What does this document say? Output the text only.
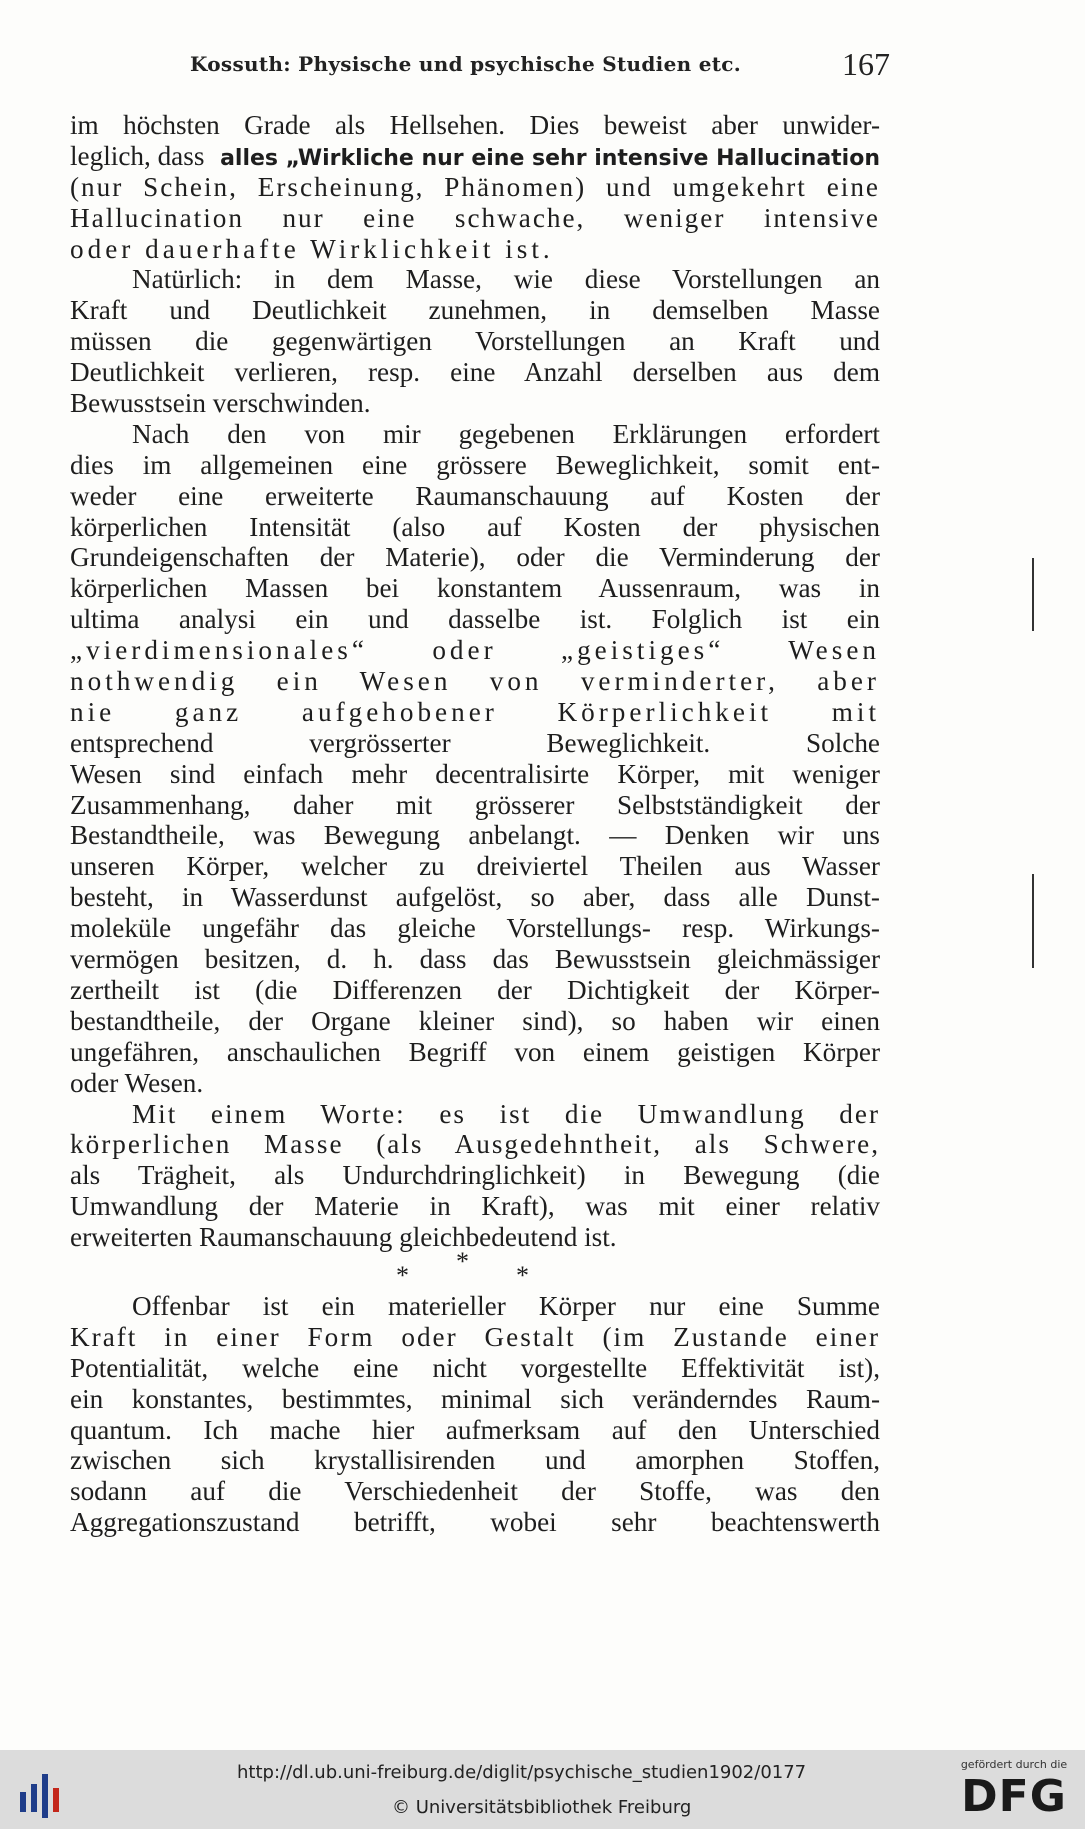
Kossuth: Physische und psychische Studien etc.	167
im höchsten Grade als Hellsehen. Dies beweist aber unwider-
leglich, dass alles „Wirkliche nur eine sehr intensive Hallucination
(nur Schein, Erscheinung, Phänomen) und umgekehrt eine
Hallucination nur eine schwache, weniger intensive
oder dauerhafte Wirklichkeit ist.
Natürlich: in dem Masse, wie diese Vorstellungen an
Kraft und Deutlichkeit zunehmen, in demselben Masse
müssen die gegenwärtigen Vorstellungen an Kraft und
Deutlichkeit verlieren, resp. eine Anzahl derselben aus dem
Bewusstsein verschwinden.
Nach den von mir gegebenen Erklärungen erfordert
dies im allgemeinen eine grössere Beweglichkeit, somit ent-
weder eine erweiterte Raumanschauung auf Kosten der
körperlichen Intensität (also auf Kosten der physischen
Grundeigenschaften der Materie), oder die Verminderung der
körperlichen Massen bei konstantem Aussenraum, was in
ultima analysi ein und dasselbe ist. Folglich ist ein
„vierdimensionales“ oder „geistiges“ Wesen
nothwendig ein Wesen von verminderter, aber
nie ganz aufgehobener Körperlichkeit mit
entsprechend vergrösserter Beweglichkeit. Solche
Wesen sind einfach mehr decentralisirte Körper, mit weniger
Zusammenhang, daher mit grösserer Selbstständigkeit der
Bestandtheile, was Bewegung anbelangt. — Denken wir uns
unseren Körper, welcher zu dreiviertel Theilen aus Wasser
besteht, in Wasserdunst aufgelöst, so aber, dass alle Dunst-
moleküle ungefähr das gleiche Vorstellungs- resp. Wirkungs-
vermögen besitzen, d. h. dass das Bewusstsein gleichmässiger
zertheilt ist (die Differenzen der Dichtigkeit der Körper-
bestandtheile, der Organe kleiner sind), so haben wir einen
ungefähren, anschaulichen Begriff von einem geistigen Körper
oder Wesen.
Mit einem Worte: es ist die Umwandlung der
körperlichen Masse (als Ausgedehntheit, als Schwere,
als Trägheit, als Undurchdringlichkeit) in Bewegung (die
Umwandlung der Materie in Kraft), was mit einer relativ
erweiterten Raumanschauung gleichbedeutend ist.
* * *
Offenbar ist ein materieller Körper nur eine Summe
Kraft in einer Form oder Gestalt (im Zustande einer
Potentialität, welche eine nicht vorgestellte Effektivität ist),
ein konstantes, bestimmtes, minimal sich veränderndes Raum-
quantum. Ich mache hier aufmerksam auf den Unterschied
zwischen sich krystallisirenden und amorphen Stoffen,
sodann auf die Verschiedenheit der Stoffe, was den
Aggregationszustand betrifft, wobei sehr beachtenswerth
http://dl.ub.uni-freiburg.de/diglit/psychische_studien1902/0177
© Universitätsbibliothek Freiburg
gefördert durch die
DFG
